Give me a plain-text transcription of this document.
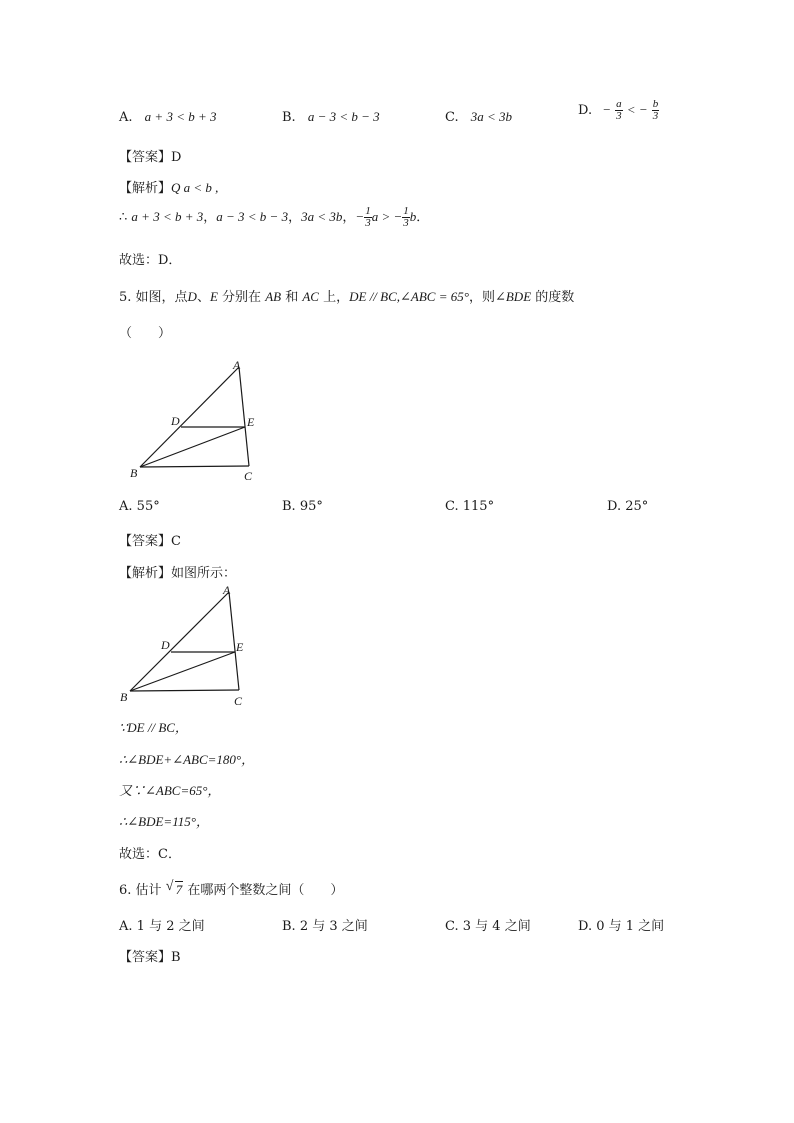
A. a + 3 < b + 3	B. a − 3 < b − 3	C. 3a < 3b	D. − $\frac{a}{3}$ < − $\frac{b}{3}$
【答案】D
【解析】Q a < b ,
∴ a + 3 < b + 3，a − 3 < b − 3，3a < 3b，− $\frac{1}{3}$ a > − $\frac{1}{3}$ b．
故选：D．
5. 如图，点D、E 分别在 AB 和 AC 上，DE // BC,∠ABC = 65°，则∠BDE 的度数
（　　）
A
B	C
D	E
A. 55°	B. 95°	C. 115°	D. 25°
【答案】C
【解析】如图所示：
A
B	C
D	E
∵DE // BC，
∴∠BDE+∠ABC=180°，
又∵∠ABC=65°，
∴∠BDE=115°，
故选：C．
6. 估计 √ 7 在哪两个整数之间（　　）
A. 1 与 2 之间	B. 2 与 3 之间	C. 3 与 4 之间	D. 0 与 1 之间
【答案】B
